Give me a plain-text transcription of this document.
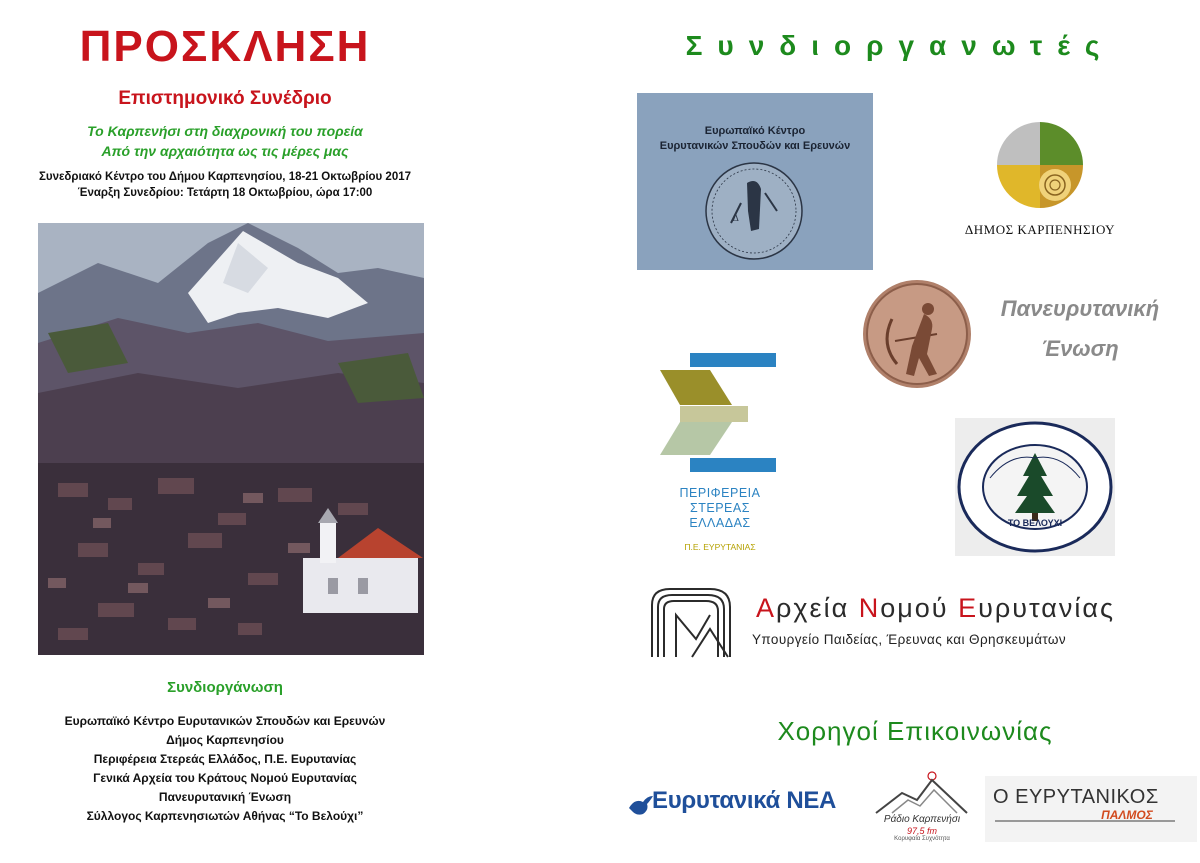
ΠΡΟΣΚΛΗΣΗ
Επιστημονικό Συνέδριο
Το Καρπενήσι στη διαχρονική του πορεία
Από την αρχαιότητα ως τις μέρες μας
Συνεδριακό Κέντρο του Δήμου Καρπενησίου, 18-21 Οκτωβρίου 2017
Έναρξη Συνεδρίου: Τετάρτη 18 Οκτωβρίου, ώρα 17:00
Συνδιοργάνωση
Ευρωπαϊκό Κέντρο Ευρυτανικών Σπουδών και Ερευνών
Δήμος Καρπενησίου
Περιφέρεια Στερεάς Ελλάδος, Π.Ε. Ευρυτανίας
Γενικά Αρχεία του Κράτους Νομού Ευρυτανίας
Πανευρυτανική Ένωση
Σύλλογος Καρπενησιωτών Αθήνας “Το Βελούχι”
Συνδιοργανωτές
Ευρωπαϊκό Κέντρο
Ευρυτανικών Σπουδών και Ερευνών
Δ
ΔΗΜΟΣ ΚΑΡΠΕΝΗΣΙΟΥ
Πανευρυτανική
Ένωση
ΠΕΡΙΦΕΡΕΙΑ
ΣΤΕΡΕΑΣ
ΕΛΛΑΔΑΣ
Π.Ε. ΕΥΡΥΤΑΝΙΑΣ
ΤΟ ΒΕΛΟΥΧΙ
Αρχεία Νομού Ευρυτανίας
Υπουργείο Παιδείας, Έρευνας και Θρησκευμάτων
Χορηγοί Επικοινωνίας
Ευρυτανικά ΝΕΑ
Ράδιο Καρπενήσι
97,5 fm
Κορυφαία Συχνότητα
Ο ΕΥΡΥΤΑΝΙΚΟΣ
ΠΑΛΜΟΣ
